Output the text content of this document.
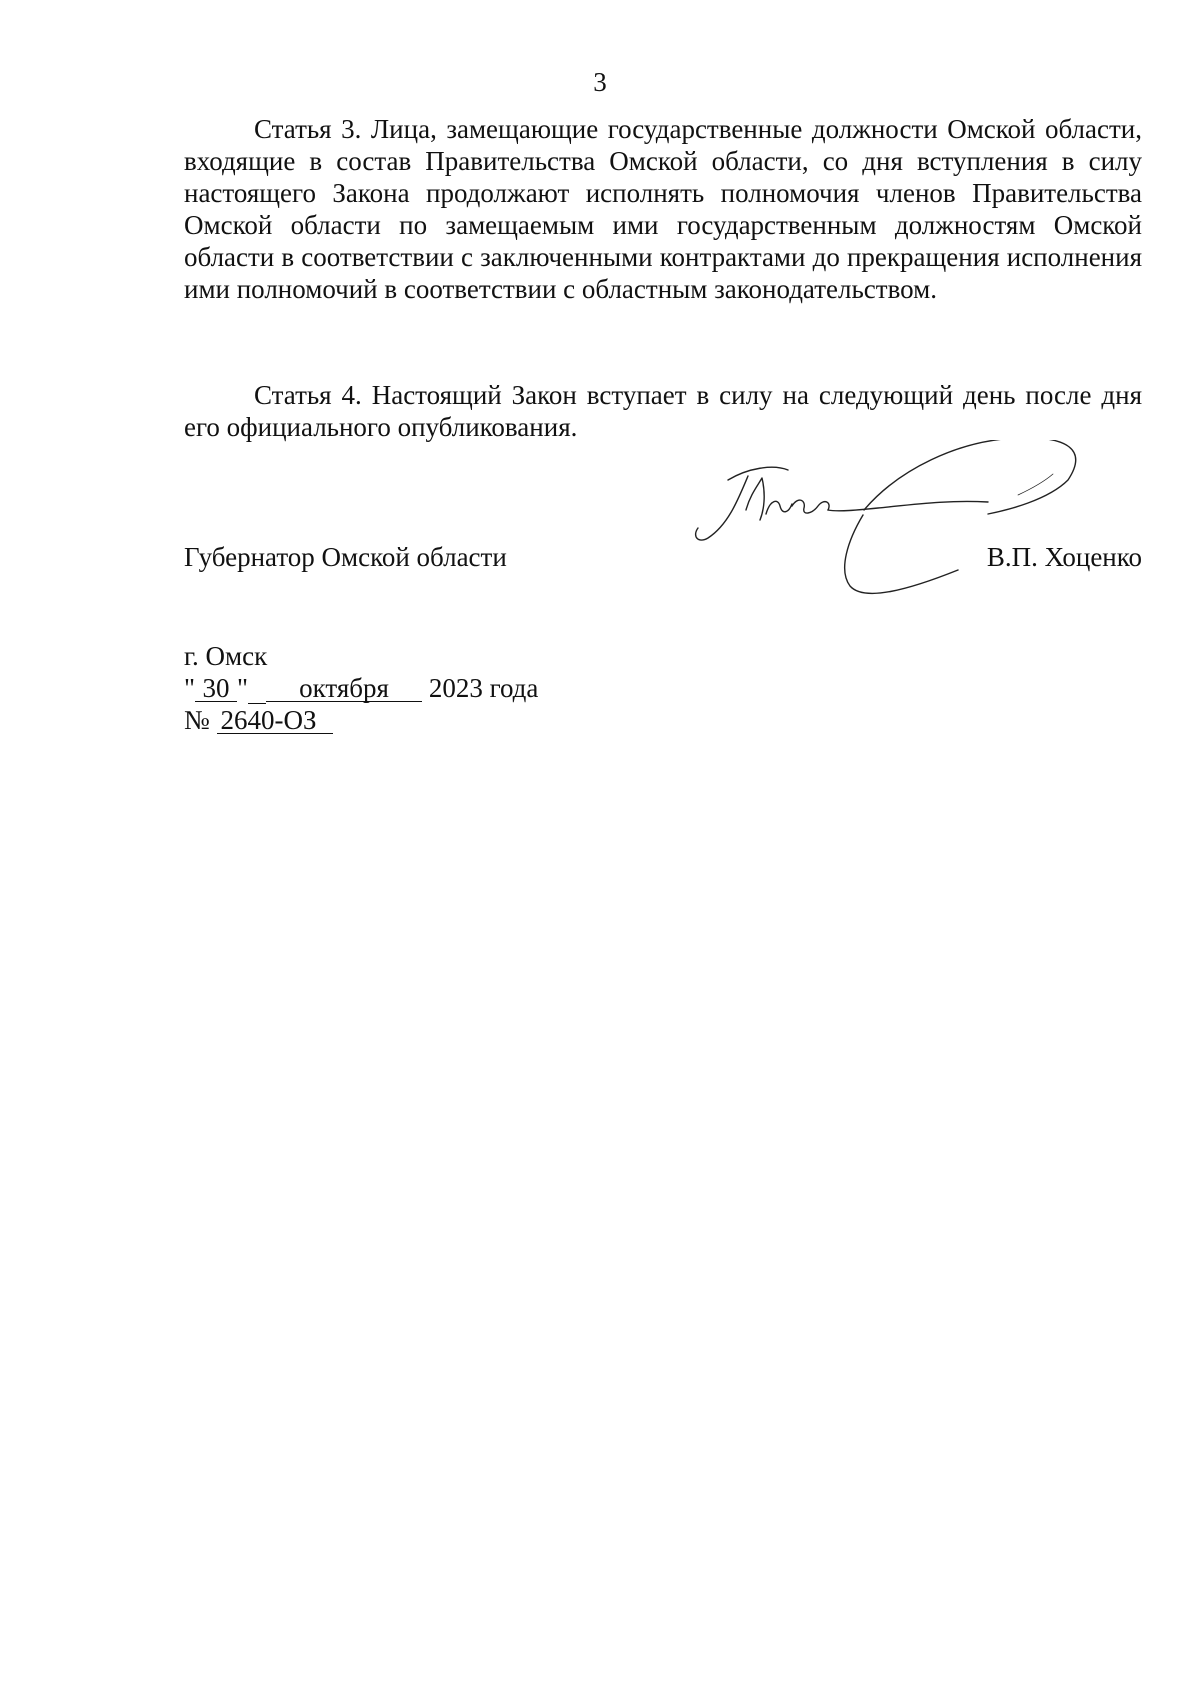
3

Статья 3. Лица, замещающие государственные должности Омской области, входящие в состав Правительства Омской области, со дня вступления в силу настоящего Закона продолжают исполнять полномочия членов Правительства Омской области по замещаемым ими государственным должностям Омской области в соответствии с заключенными контрактами до прекращения исполнения ими полномочий в соответствии с областным законодательством.

Статья 4. Настоящий Закон вступает в силу на следующий день после дня его официального опубликования.

Губернатор Омской области	В.П. Хоценко
г. Омск
" 30 " октября 2023 года
№ 2640-ОЗ
